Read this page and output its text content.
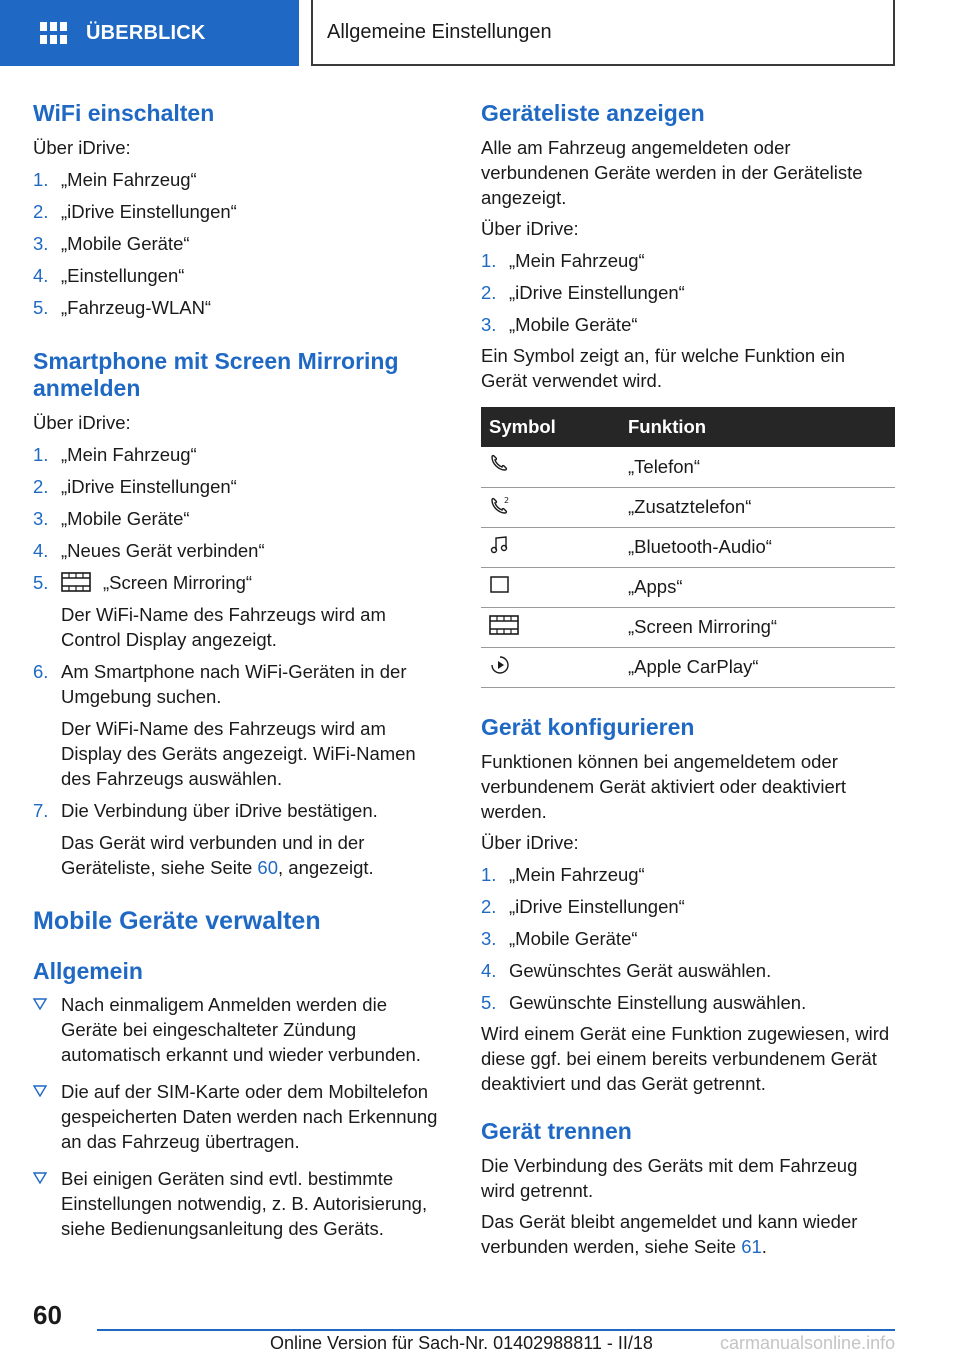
ÜBERBLICK	Allgemeine Einstellungen
WiFi einschalten

Über iDrive:

1. „Mein Fahrzeug“
2. „iDrive Einstellungen“
3. „Mobile Geräte“
4. „Einstellungen“
5. „Fahrzeug-WLAN“
Smartphone mit Screen Mirroring anmelden

Über iDrive:

1. „Mein Fahrzeug“
2. „iDrive Einstellungen“
3. „Mobile Geräte“
4. „Neues Gerät verbinden“
5.	„Screen Mirroring“
Der WiFi-Name des Fahrzeugs wird am Control Display angezeigt.
6. Am Smartphone nach WiFi-Geräten in der Umgebung suchen.
Der WiFi-Name des Fahrzeugs wird am Display des Geräts angezeigt. WiFi-Namen des Fahrzeugs auswählen.
7. Die Verbindung über iDrive bestätigen.
Das Gerät wird verbunden und in der Geräteliste, siehe Seite 60, angezeigt.
Mobile Geräte verwalten
Allgemein
Nach einmaligem Anmelden werden die Geräte bei eingeschalteter Zündung automatisch erkannt und wieder verbunden.
Die auf der SIM-Karte oder dem Mobiltelefon gespeicherten Daten werden nach Erkennung an das Fahrzeug übertragen.
Bei einigen Geräten sind evtl. bestimmte Einstellungen notwendig, z. B. Autorisierung, siehe Bedienungsanleitung des Geräts.
Geräteliste anzeigen

Alle am Fahrzeug angemeldeten oder verbundenen Geräte werden in der Geräteliste angezeigt.

Über iDrive:

1. „Mein Fahrzeug“
2. „iDrive Einstellungen“
3. „Mobile Geräte“

Ein Symbol zeigt an, für welche Funktion ein Gerät verwendet wird.

Symbol	Funktion
	„Telefon“

2	„Zusatztelefon“
	„Bluetooth-Audio“
	„Apps“
	„Screen Mirroring“
	„Apple CarPlay“
Gerät konfigurieren

Funktionen können bei angemeldetem oder verbundenem Gerät aktiviert oder deaktiviert werden.

Über iDrive:

1. „Mein Fahrzeug“
2. „iDrive Einstellungen“
3. „Mobile Geräte“
4. Gewünschtes Gerät auswählen.
5. Gewünschte Einstellung auswählen.

Wird einem Gerät eine Funktion zugewiesen, wird diese ggf. bei einem bereits verbundenem Gerät deaktiviert und das Gerät getrennt.

Gerät trennen

Die Verbindung des Geräts mit dem Fahrzeug wird getrennt.

Das Gerät bleibt angemeldet und kann wieder verbunden werden, siehe Seite 61.

60
Online Version für Sach-Nr. 01402988811 - II/18	carmanualsonline.info
